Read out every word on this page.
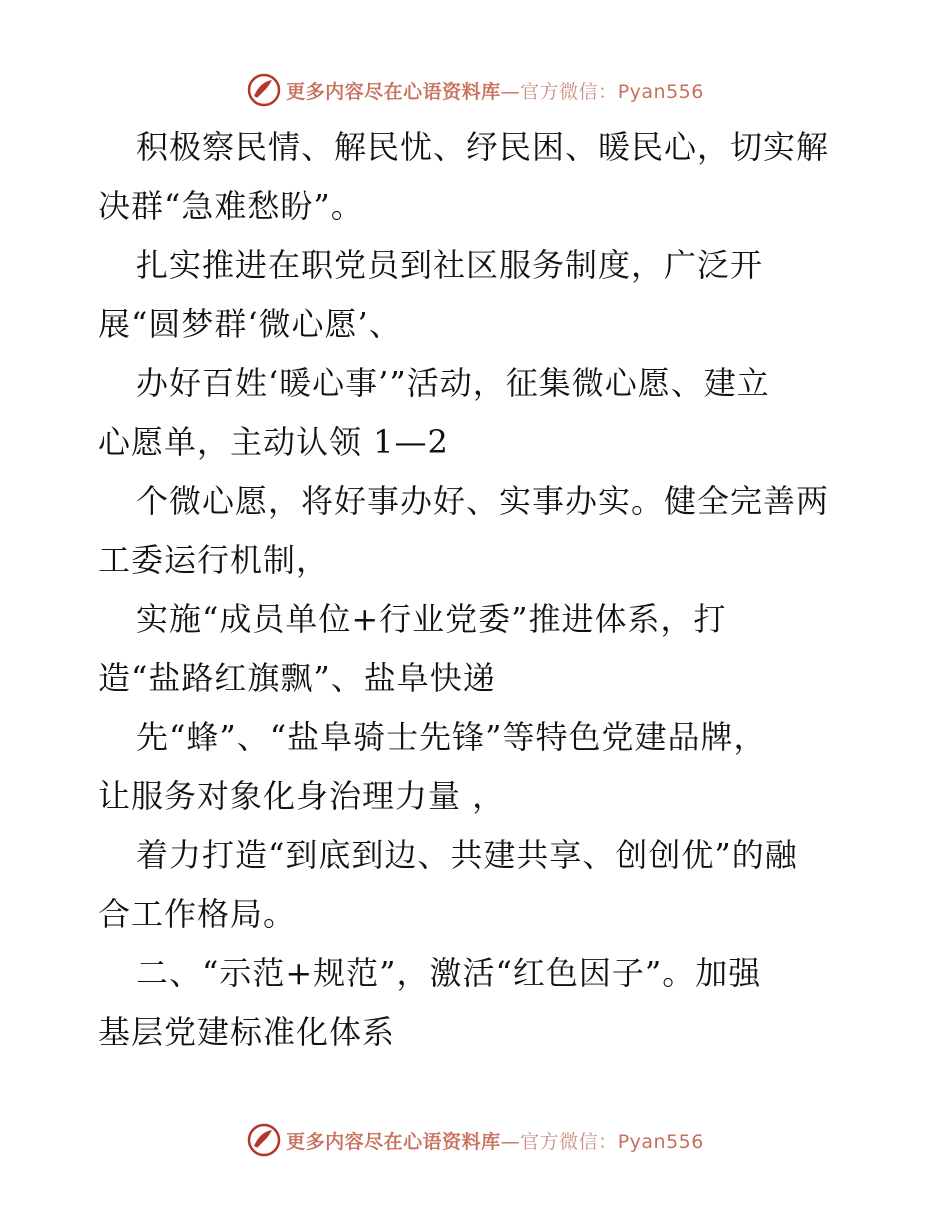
更多内容尽在心语资料库—官方微信：Pyan556
积极察民情、解民忧、纾民困、暖民心，切实解
决群“急难愁盼”。
扎实推进在职党员到社区服务制度，广泛开
展“圆梦群‘微心愿’、
办好百姓‘暖心事’”活动，征集微心愿、建立
心愿单，主动认领 1—2
个微心愿，将好事办好、实事办实。健全完善两
工委运行机制，
实施“成员单位+行业党委”推进体系，打
造“盐路红旗飘”、盐阜快递
先“蜂”、“盐阜骑士先锋”等特色党建品牌，
让服务对象化身治理力量 ，
着力打造“到底到边、共建共享、创创优”的融
合工作格局。
二、“示范+规范”，激活“红色因子”。加强
基层党建标准化体系
更多内容尽在心语资料库—官方微信：Pyan556
